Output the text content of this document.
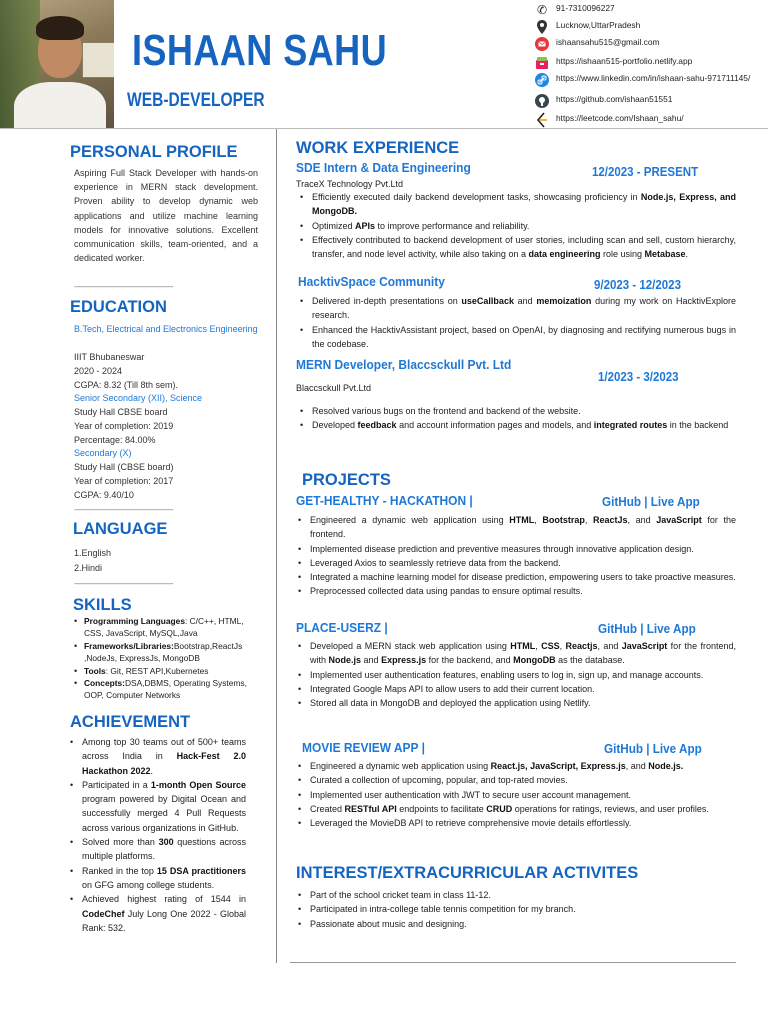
ISHAAN SAHU
WEB-DEVELOPER
✆	91-7310096227
Lucknow,UttarPradesh
ishaansahu515@gmail.com
https://ishaan515-portfolio.netlify.app
https://www.linkedin.com/in/ishaan-sahu-971711145/
https://github.com/ishaan51551
https://leetcode.com/Ishaan_sahu/
PERSONAL PROFILE
Aspiring Full Stack Developer with hands-on experience in MERN stack development. Proven ability to develop dynamic web applications and utilize machine learning models for innovative solutions. Excellent communication skills, team-oriented, and a dedicated worker.
------------------------------------------------
EDUCATION
B.Tech, Electrical and Electronics Engineering
IIIT Bhubaneswar
2020 - 2024
CGPA: 8.32 (Till 8th sem).
Senior Secondary (XII), Science
Study Hall CBSE board
Year of completion: 2019
Percentage: 84.00%
Secondary (X)
Study Hall (CBSE board)
Year of completion: 2017
CGPA: 9.40/10
------------------------------------------------
LANGUAGE
1.English
2.Hindi
------------------------------------------------
SKILLS
• Programming Languages: C/C++, HTML, CSS, JavaScript, MySQL,Java
• Frameworks/Libraries:Bootstrap,ReactJs ,NodeJs, ExpressJs, MongoDB
• Tools: Git, REST API,Kubernetes
• Concepts:DSA,DBMS, Operating Systems, OOP, Computer Networks
ACHIEVEMENT
• Among top 30 teams out of 500+ teams across India in Hack-Fest 2.0 Hackathon 2022.
• Participated in a 1-month Open Source program powered by Digital Ocean and successfully merged 4 Pull Requests across various organizations in GitHub.
• Solved more than 300 questions across multiple platforms.
• Ranked in the top 15 DSA practitioners on GFG among college students.
• Achieved highest rating of 1544 in CodeChef July Long One 2022 - Global Rank: 532.
WORK EXPERIENCE
SDE Intern & Data Engineering	12/2023 - PRESENT
TraceX Technology Pvt.Ltd
• Efficiently executed daily backend development tasks, showcasing proficiency in Node.js, Express, and MongoDB.
• Optimized APIs to improve performance and reliability.
• Effectively contributed to backend development of user stories, including scan and sell, custom hierarchy, transfer, and node level activity, while also taking on a data engineering role using Metabase.
HacktivSpace Community	9/2023 - 12/2023
• Delivered in-depth presentations on useCallback and memoization during my work on HacktivExplore research.
• Enhanced the HacktivAssistant project, based on OpenAI, by diagnosing and rectifying numerous bugs in the codebase.
MERN Developer, Blaccsckull Pvt. Ltd
1/2023 - 3/2023
Blaccsckull Pvt.Ltd
• Resolved various bugs on the frontend and backend of the website.
• Developed feedback and account information pages and models, and integrated routes in the backend
PROJECTS
GET-HEALTHY - HACKATHON |	GitHub | Live App
• Engineered a dynamic web application using HTML, Bootstrap, ReactJs, and JavaScript for the frontend.
• Implemented disease prediction and preventive measures through innovative application design.
• Leveraged Axios to seamlessly retrieve data from the backend.
• Integrated a machine learning model for disease prediction, empowering users to take proactive measures.
• Preprocessed collected data using pandas to ensure optimal results.
PLACE-USERZ |	GitHub | Live App
• Developed a MERN stack web application using HTML, CSS, Reactjs, and JavaScript for the frontend, with Node.js and Express.js for the backend, and MongoDB as the database.
• Implemented user authentication features, enabling users to log in, sign up, and manage accounts.
• Integrated Google Maps API to allow users to add their current location.
• Stored all data in MongoDB and deployed the application using Netlify.
MOVIE REVIEW APP |	GitHub | Live App
• Engineered a dynamic web application using React.js, JavaScript, Express.js, and Node.js.
• Curated a collection of upcoming, popular, and top-rated movies.
• Implemented user authentication with JWT to secure user account management.
• Created RESTful API endpoints to facilitate CRUD operations for ratings, reviews, and user profiles.
• Leveraged the MovieDB API to retrieve comprehensive movie details effortlessly.
INTEREST/EXTRACURRICULAR ACTIVITES
• Part of the school cricket team in class 11-12.
• Participated in intra-college table tennis competition for my branch.
• Passionate about music and designing.
